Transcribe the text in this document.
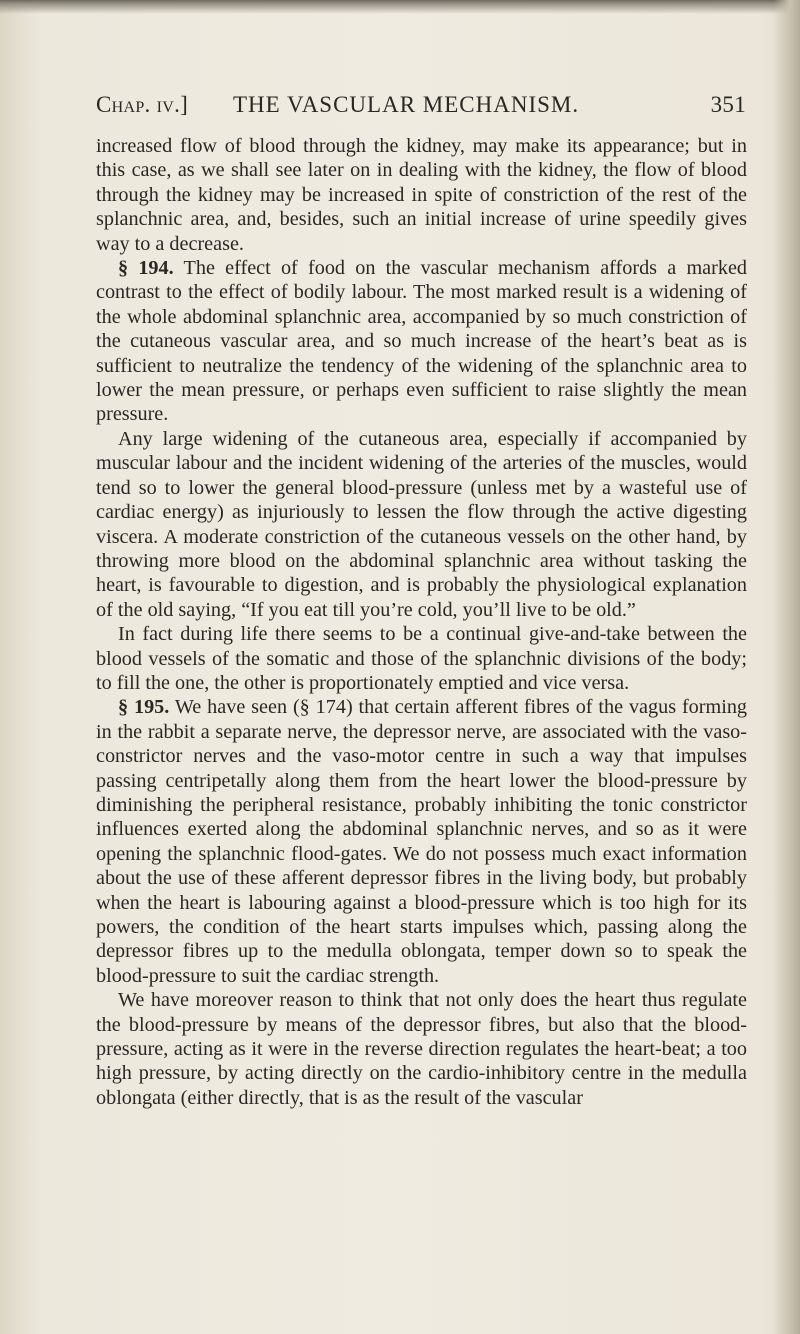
Chap. iv.] THE VASCULAR MECHANISM.	351

increased flow of blood through the kidney, may make its appearance; but in this case, as we shall see later on in dealing with the kidney, the flow of blood through the kidney may be increased in spite of constriction of the rest of the splanchnic area, and, besides, such an initial increase of urine speedily gives way to a decrease.

§ 194. The effect of food on the vascular mechanism affords a marked contrast to the effect of bodily labour. The most marked result is a widening of the whole abdominal splanchnic area, accompanied by so much constriction of the cutaneous vascular area, and so much increase of the heart’s beat as is sufficient to neutralize the tendency of the widening of the splanchnic area to lower the mean pressure, or perhaps even sufficient to raise slightly the mean pressure.

Any large widening of the cutaneous area, especially if accompanied by muscular labour and the incident widening of the arteries of the muscles, would tend so to lower the general blood-pressure (unless met by a wasteful use of cardiac energy) as injuriously to lessen the flow through the active digesting viscera. A moderate constriction of the cutaneous vessels on the other hand, by throwing more blood on the abdominal splanchnic area without tasking the heart, is favourable to digestion, and is probably the physiological explanation of the old saying, “If you eat till you’re cold, you’ll live to be old.”

In fact during life there seems to be a continual give-and-take between the blood vessels of the somatic and those of the splanchnic divisions of the body; to fill the one, the other is proportionately emptied and vice versa.

§ 195. We have seen (§ 174) that certain afferent fibres of the vagus forming in the rabbit a separate nerve, the depressor nerve, are associated with the vaso-constrictor nerves and the vaso-motor centre in such a way that impulses passing centripetally along them from the heart lower the blood-pressure by diminishing the peripheral resistance, probably inhibiting the tonic constrictor influences exerted along the abdominal splanchnic nerves, and so as it were opening the splanchnic flood-gates. We do not possess much exact information about the use of these afferent depressor fibres in the living body, but probably when the heart is labouring against a blood-pressure which is too high for its powers, the condition of the heart starts impulses which, passing along the depressor fibres up to the medulla oblongata, temper down so to speak the blood-pressure to suit the cardiac strength.

We have moreover reason to think that not only does the heart thus regulate the blood-pressure by means of the depressor fibres, but also that the blood-pressure, acting as it were in the reverse direction regulates the heart-beat; a too high pressure, by acting directly on the cardio-inhibitory centre in the medulla oblongata (either directly, that is as the result of the vascular
